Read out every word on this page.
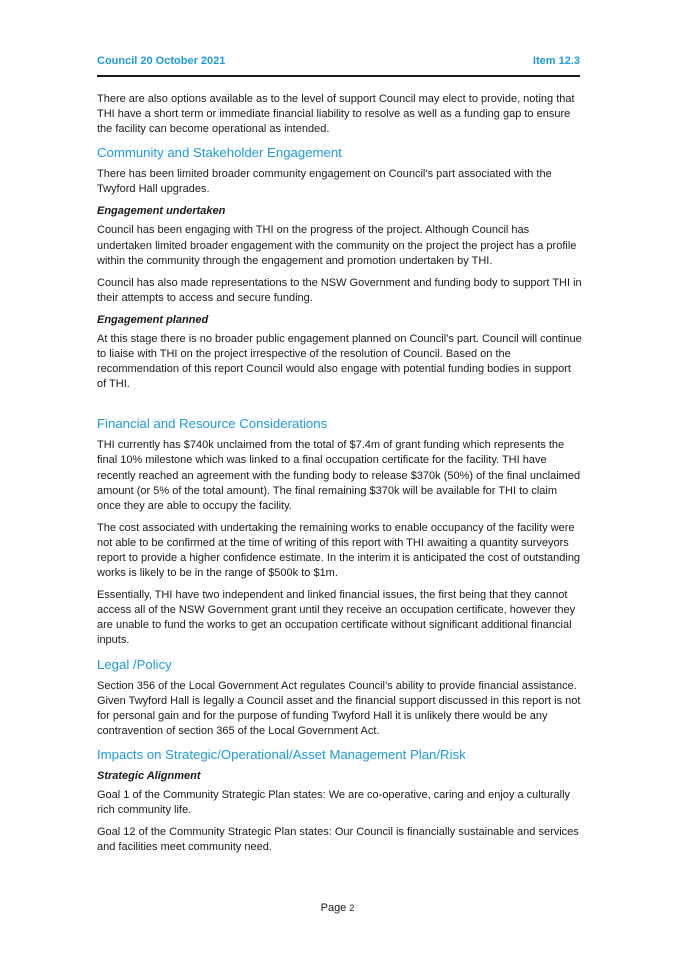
Council 20 October 2021	Item 12.3

There are also options available as to the level of support Council may elect to provide, noting that THI have a short term or immediate financial liability to resolve as well as a funding gap to ensure the facility can become operational as intended.

Community and Stakeholder Engagement

There has been limited broader community engagement on Council’s part associated with the Twyford Hall upgrades.

Engagement undertaken

Council has been engaging with THI on the progress of the project. Although Council has undertaken limited broader engagement with the community on the project the project has a profile within the community through the engagement and promotion undertaken by THI.

Council has also made representations to the NSW Government and funding body to support THI in their attempts to access and secure funding.

Engagement planned

At this stage there is no broader public engagement planned on Council’s part. Council will continue to liaise with THI on the project irrespective of the resolution of Council. Based on the recommendation of this report Council would also engage with potential funding bodies in support of THI.

Financial and Resource Considerations

THI currently has $740k unclaimed from the total of $7.4m of grant funding which represents the final 10% milestone which was linked to a final occupation certificate for the facility. THI have recently reached an agreement with the funding body to release $370k (50%) of the final unclaimed amount (or 5% of the total amount). The final remaining $370k will be available for THI to claim once they are able to occupy the facility.

The cost associated with undertaking the remaining works to enable occupancy of the facility were not able to be confirmed at the time of writing of this report with THI awaiting a quantity surveyors report to provide a higher confidence estimate. In the interim it is anticipated the cost of outstanding works is likely to be in the range of $500k to $1m.

Essentially, THI have two independent and linked financial issues, the first being that they cannot access all of the NSW Government grant until they receive an occupation certificate, however they are unable to fund the works to get an occupation certificate without significant additional financial inputs.

Legal /Policy

Section 356 of the Local Government Act regulates Council’s ability to provide financial assistance. Given Twyford Hall is legally a Council asset and the financial support discussed in this report is not for personal gain and for the purpose of funding Twyford Hall it is unlikely there would be any contravention of section 365 of the Local Government Act.

Impacts on Strategic/Operational/Asset Management Plan/Risk
Strategic Alignment

Goal 1 of the Community Strategic Plan states: We are co-operative, caring and enjoy a culturally rich community life.

Goal 12 of the Community Strategic Plan states: Our Council is financially sustainable and services and facilities meet community need.

Page 2
